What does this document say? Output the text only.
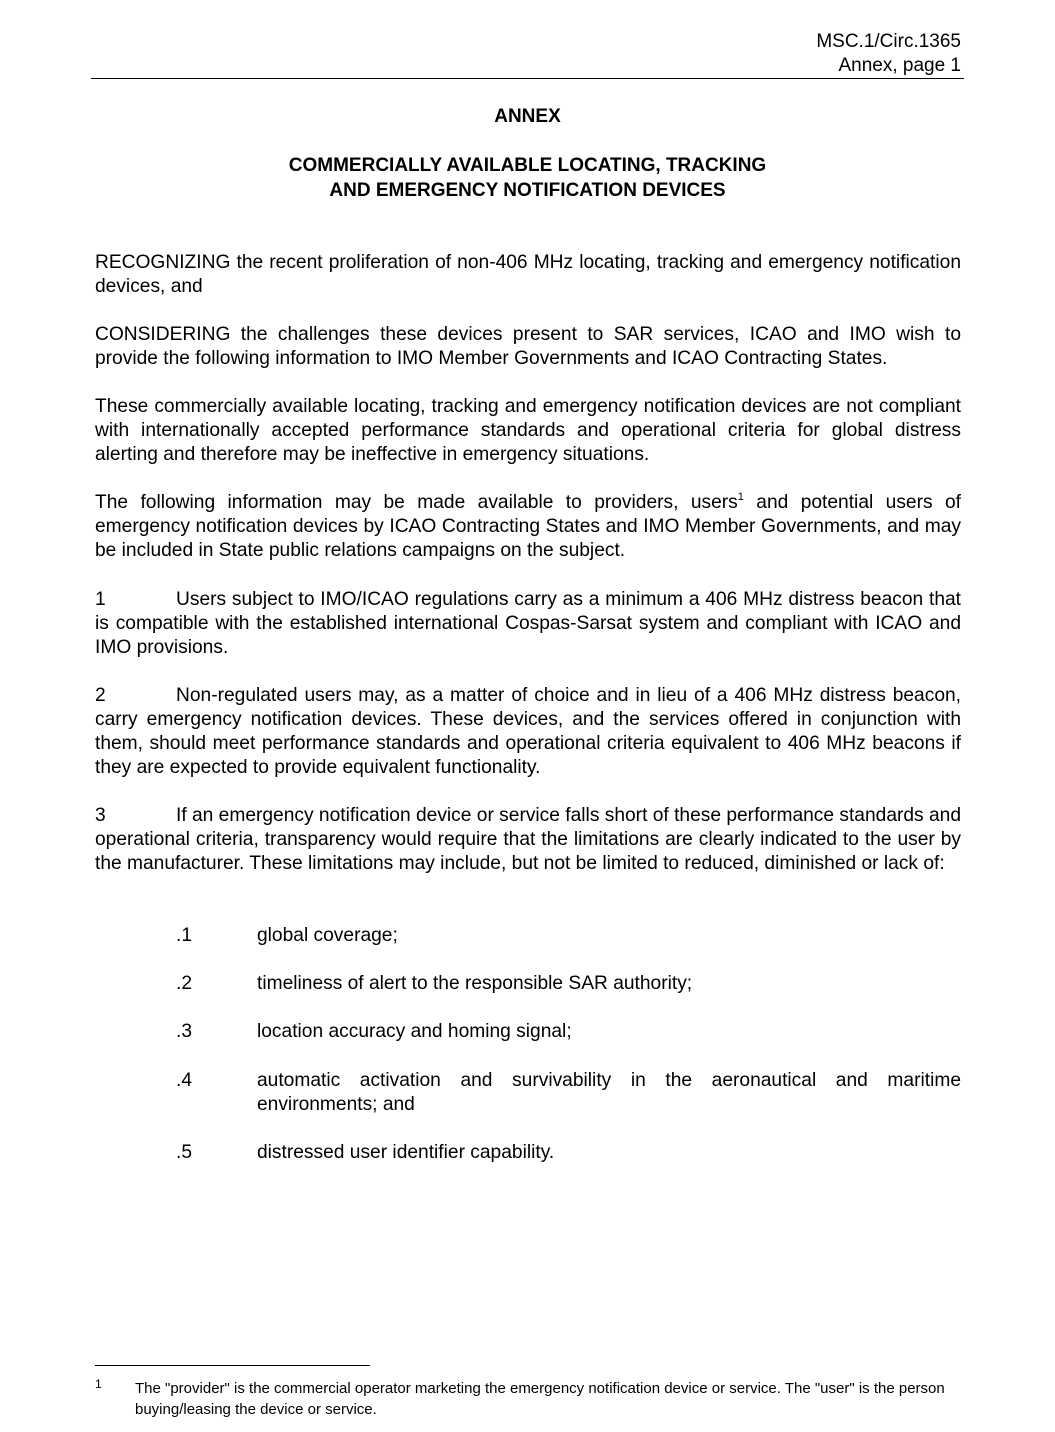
MSC.1/Circ.1365
Annex, page 1
ANNEX
COMMERCIALLY AVAILABLE LOCATING, TRACKING
AND EMERGENCY NOTIFICATION DEVICES
RECOGNIZING the recent proliferation of non-406 MHz locating, tracking and emergency notification devices, and
CONSIDERING the challenges these devices present to SAR services, ICAO and IMO wish to provide the following information to IMO Member Governments and ICAO Contracting States.
These commercially available locating, tracking and emergency notification devices are not compliant with internationally accepted performance standards and operational criteria for global distress alerting and therefore may be ineffective in emergency situations.
The following information may be made available to providers, users$^1$ and potential users of emergency notification devices by ICAO Contracting States and IMO Member Governments, and may be included in State public relations campaigns on the subject.
1	Users subject to IMO/ICAO regulations carry as a minimum a 406 MHz distress beacon that is compatible with the established international Cospas-Sarsat system and compliant with ICAO and IMO provisions.
2	Non-regulated users may, as a matter of choice and in lieu of a 406 MHz distress beacon, carry emergency notification devices. These devices, and the services offered in conjunction with them, should meet performance standards and operational criteria equivalent to 406 MHz beacons if they are expected to provide equivalent functionality.
3	If an emergency notification device or service falls short of these performance standards and operational criteria, transparency would require that the limitations are clearly indicated to the user by the manufacturer. These limitations may include, but not be limited to reduced, diminished or lack of:
.1	global coverage;
.2	timeliness of alert to the responsible SAR authority;
.3	location accuracy and homing signal;
.4	automatic activation and survivability in the aeronautical and maritime environments; and
.5	distressed user identifier capability.
1 The "provider" is the commercial operator marketing the emergency notification device or service. The "user" is the person buying/leasing the device or service.
